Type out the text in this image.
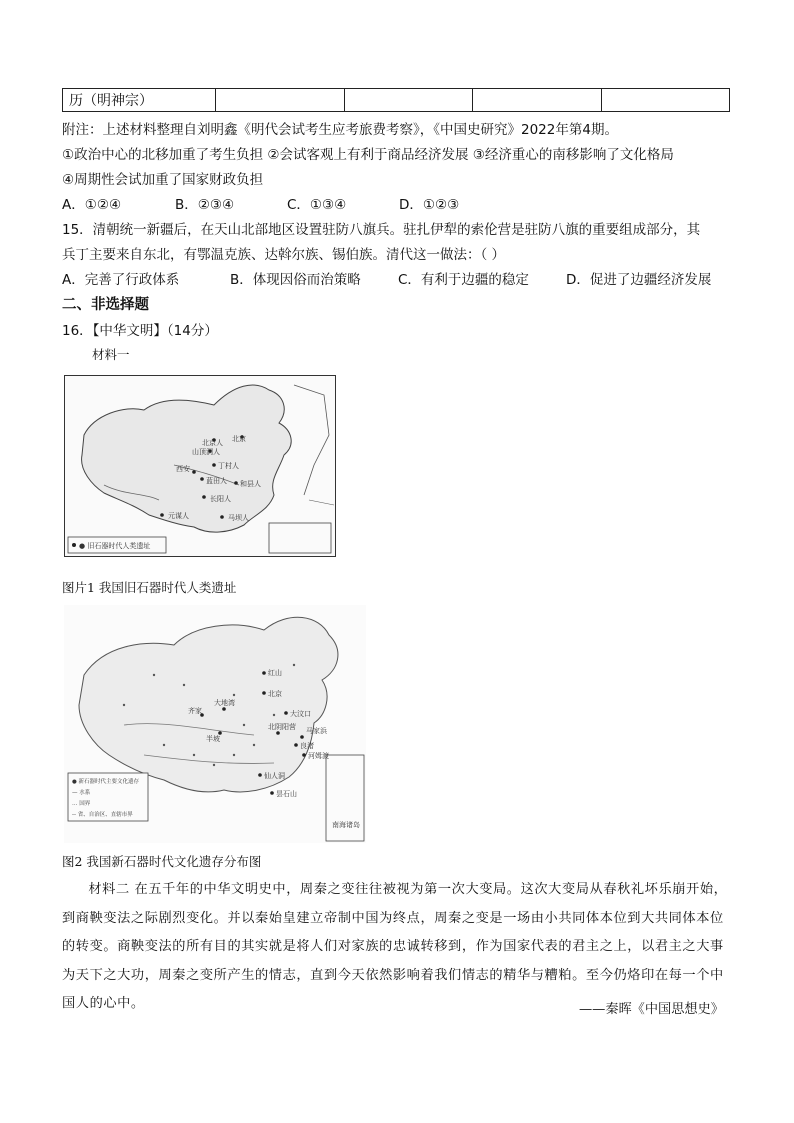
历（明神宗）				
附注：上述材料整理自刘明鑫《明代会试考生应考旅费考察》，《中国史研究》2022年第4期。
①政治中心的北移加重了考生负担 ②会试客观上有利于商品经济发展 ③经济重心的南移影响了文化格局
④周期性会试加重了国家财政负担
A．①②④	B．②③④	C．①③④	D．①②③
15．清朝统一新疆后，在天山北部地区设置驻防八旗兵。驻扎伊犁的索伦营是驻防八旗的重要组成部分，其
兵丁主要来自东北，有鄂温克族、达斡尔族、锡伯族。清代这一做法：（ ）
A．完善了行政体系	B．体现因俗而治策略	C．有利于边疆的稳定	D．促进了边疆经济发展
二、非选择题
16．【中华文明】（14分）
材料一
● 旧石器时代人类遗址
北京人 北京
山顶洞人
丁村人
西安
蓝田人 和县人
长阳人
元谋人	马坝人
图片1 我国旧石器时代人类遗址
南海诸岛
● 新石器时代主要文化遗存
— 水系
… 国界
-- 省、自治区、直辖市界
红山
北京
大汶口
半坡
河姆渡
良渚
仙人洞
昙石山
马家浜
北阴阳营
齐家
大地湾
图2 我国新石器时代文化遗存分布图

材料二 在五千年的中华文明史中，周秦之变往往被视为第一次大变局。这次大变局从春秋礼坏乐崩开始，到商鞅变法之际剧烈变化。并以秦始皇建立帝制中国为终点，周秦之变是一场由小共同体本位到大共同体本位的转变。商鞅变法的所有目的其实就是将人们对家族的忠诚转移到，作为国家代表的君主之上，以君主之大事为天下之大功，周秦之变所产生的情志，直到今天依然影响着我们情志的精华与糟粕。至今仍烙印在每一个中国人的心中。	——秦晖《中国思想史》
